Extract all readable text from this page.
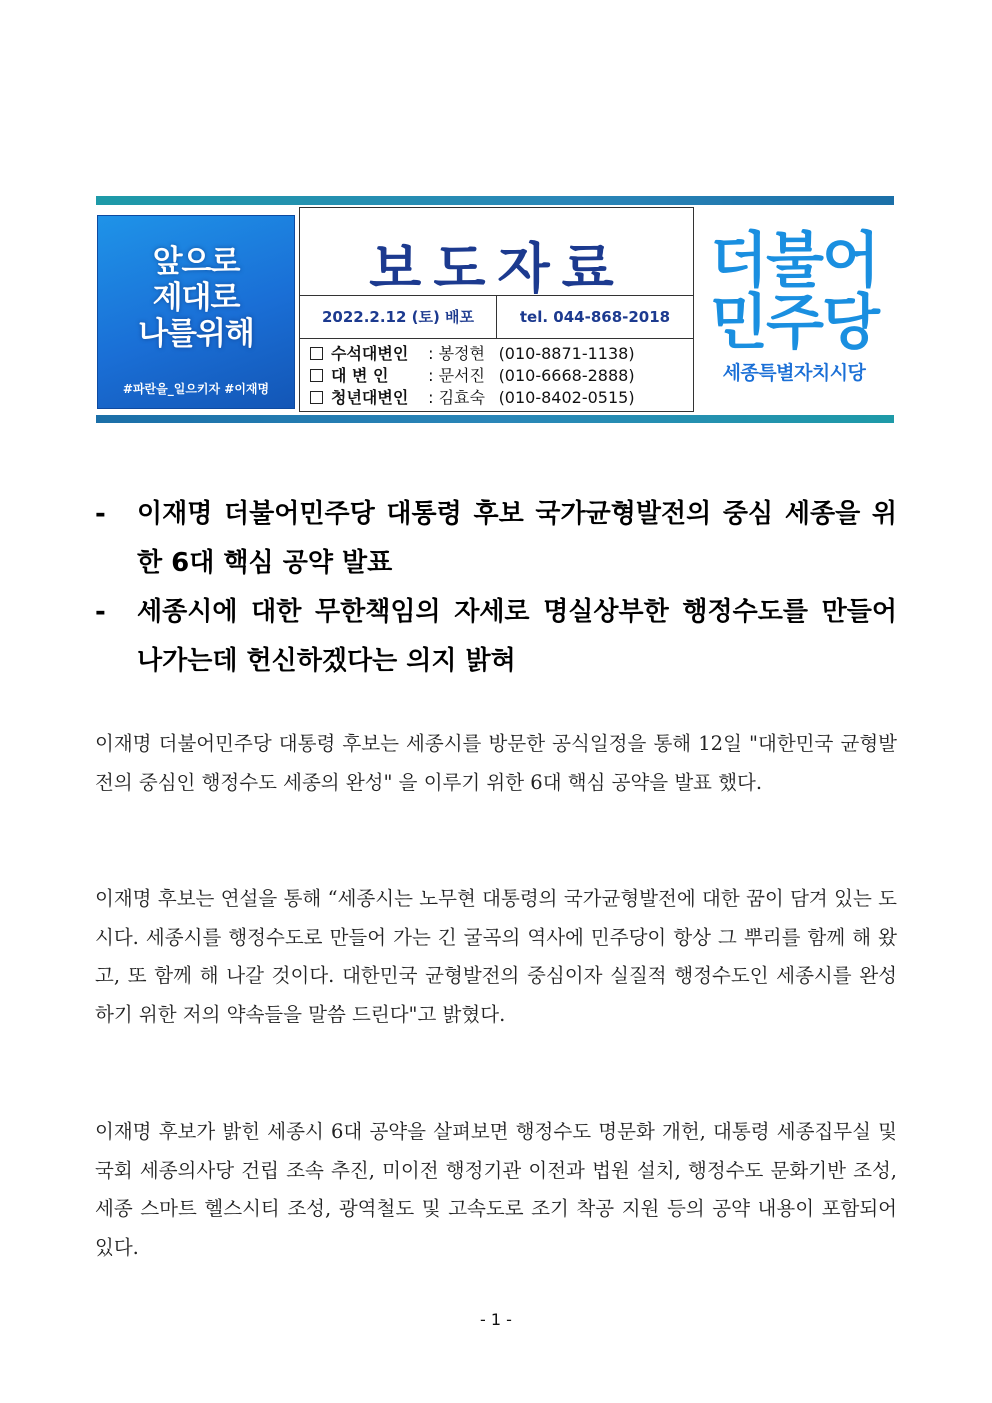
앞으로
제대로
나를위해
#파란을_일으키자 #이재명
보도자료
2022.2.12 (토) 배포	tel. 044-868-2018
수석대변인 : 봉정현 (010-8871-1138)
대 변 인 : 문서진 (010-6668-2888)
청년대변인 : 김효숙 (010-8402-0515)
더불어
민주당
세종특별자치시당
- 이재명 더불어민주당 대통령 후보 국가균형발전의 중심 세종을 위한 6대 핵심 공약 발표
- 세종시에 대한 무한책임의 자세로 명실상부한 행정수도를 만들어 나가는데 헌신하겠다는 의지 밝혀
이재명 더불어민주당 대통령 후보는 세종시를 방문한 공식일정을 통해 12일 "대한민국 균형발전의 중심인 행정수도 세종의 완성" 을 이루기 위한 6대 핵심 공약을 발표 했다.
이재명 후보는 연설을 통해 “세종시는 노무현 대통령의 국가균형발전에 대한 꿈이 담겨 있는 도시다. 세종시를 행정수도로 만들어 가는 긴 굴곡의 역사에 민주당이 항상 그 뿌리를 함께 해 왔고, 또 함께 해 나갈 것이다. 대한민국 균형발전의 중심이자 실질적 행정수도인 세종시를 완성하기 위한 저의 약속들을 말씀 드린다"고 밝혔다.
이재명 후보가 밝힌 세종시 6대 공약을 살펴보면 행정수도 명문화 개헌, 대통령 세종집무실 및 국회 세종의사당 건립 조속 추진, 미이전 행정기관 이전과 법원 설치, 행정수도 문화기반 조성, 세종 스마트 헬스시티 조성, 광역철도 및 고속도로 조기 착공 지원 등의 공약 내용이 포함되어 있다.
- 1 -
